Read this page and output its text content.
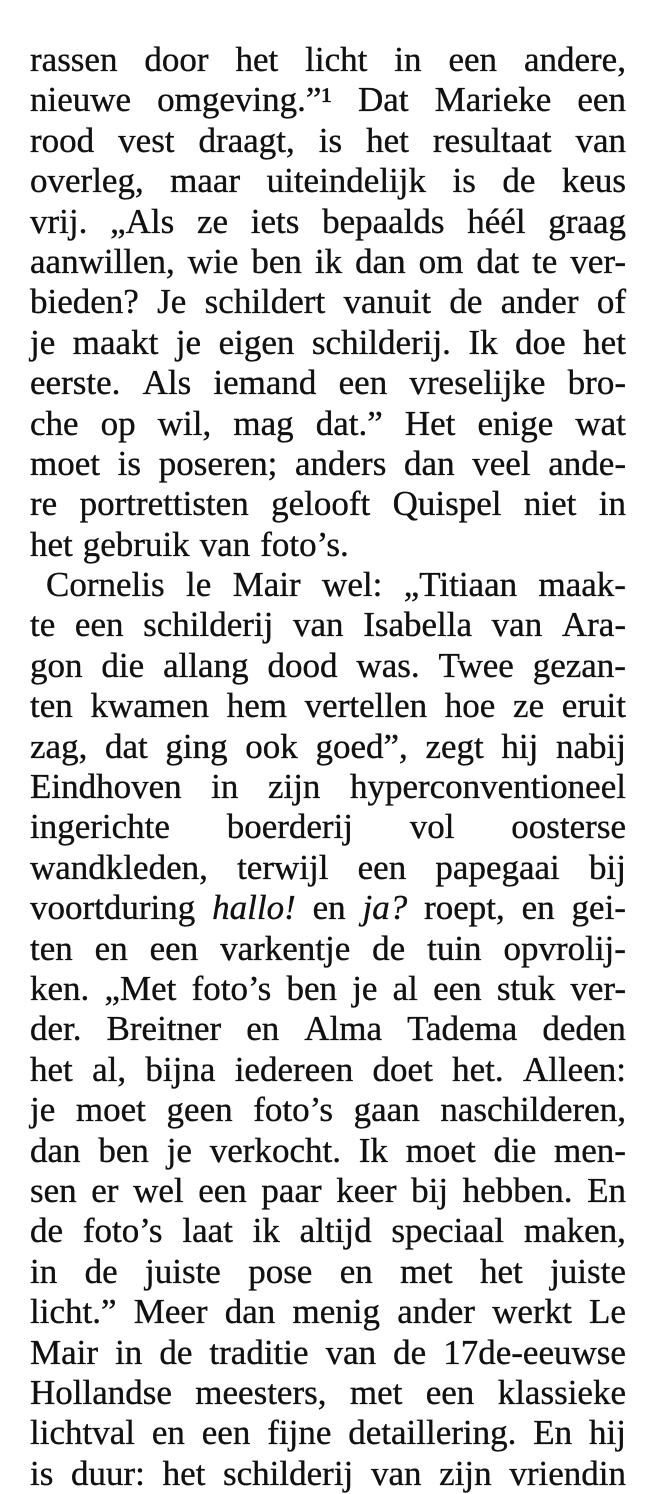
rassen door het licht in een andere,
nieuwe omgeving.”¹ Dat Marieke een
rood vest draagt, is het resultaat van
overleg, maar uiteindelijk is de keus
vrij. „Als ze iets bepaalds héél graag
aanwillen, wie ben ik dan om dat te ver-
bieden? Je schildert vanuit de ander of
je maakt je eigen schilderij. Ik doe het
eerste. Als iemand een vreselijke bro-
che op wil, mag dat.” Het enige wat
moet is poseren; anders dan veel ande-
re portrettisten gelooft Quispel niet in
het gebruik van foto’s.
Cornelis le Mair wel: „Titiaan maak-
te een schilderij van Isabella van Ara-
gon die allang dood was. Twee gezan-
ten kwamen hem vertellen hoe ze eruit
zag, dat ging ook goed”, zegt hij nabij
Eindhoven in zijn hyperconventioneel
ingerichte boerderij vol oosterse
wandkleden, terwijl een papegaai bij
voortduring hallo! en ja? roept, en gei-
ten en een varkentje de tuin opvrolij-
ken. „Met foto’s ben je al een stuk ver-
der. Breitner en Alma Tadema deden
het al, bijna iedereen doet het. Alleen:
je moet geen foto’s gaan naschilderen,
dan ben je verkocht. Ik moet die men-
sen er wel een paar keer bij hebben. En
de foto’s laat ik altijd speciaal maken,
in de juiste pose en met het juiste
licht.” Meer dan menig ander werkt Le
Mair in de traditie van de 17de-eeuwse
Hollandse meesters, met een klassieke
lichtval en een fijne detaillering. En hij
is duur: het schilderij van zijn vriendin
